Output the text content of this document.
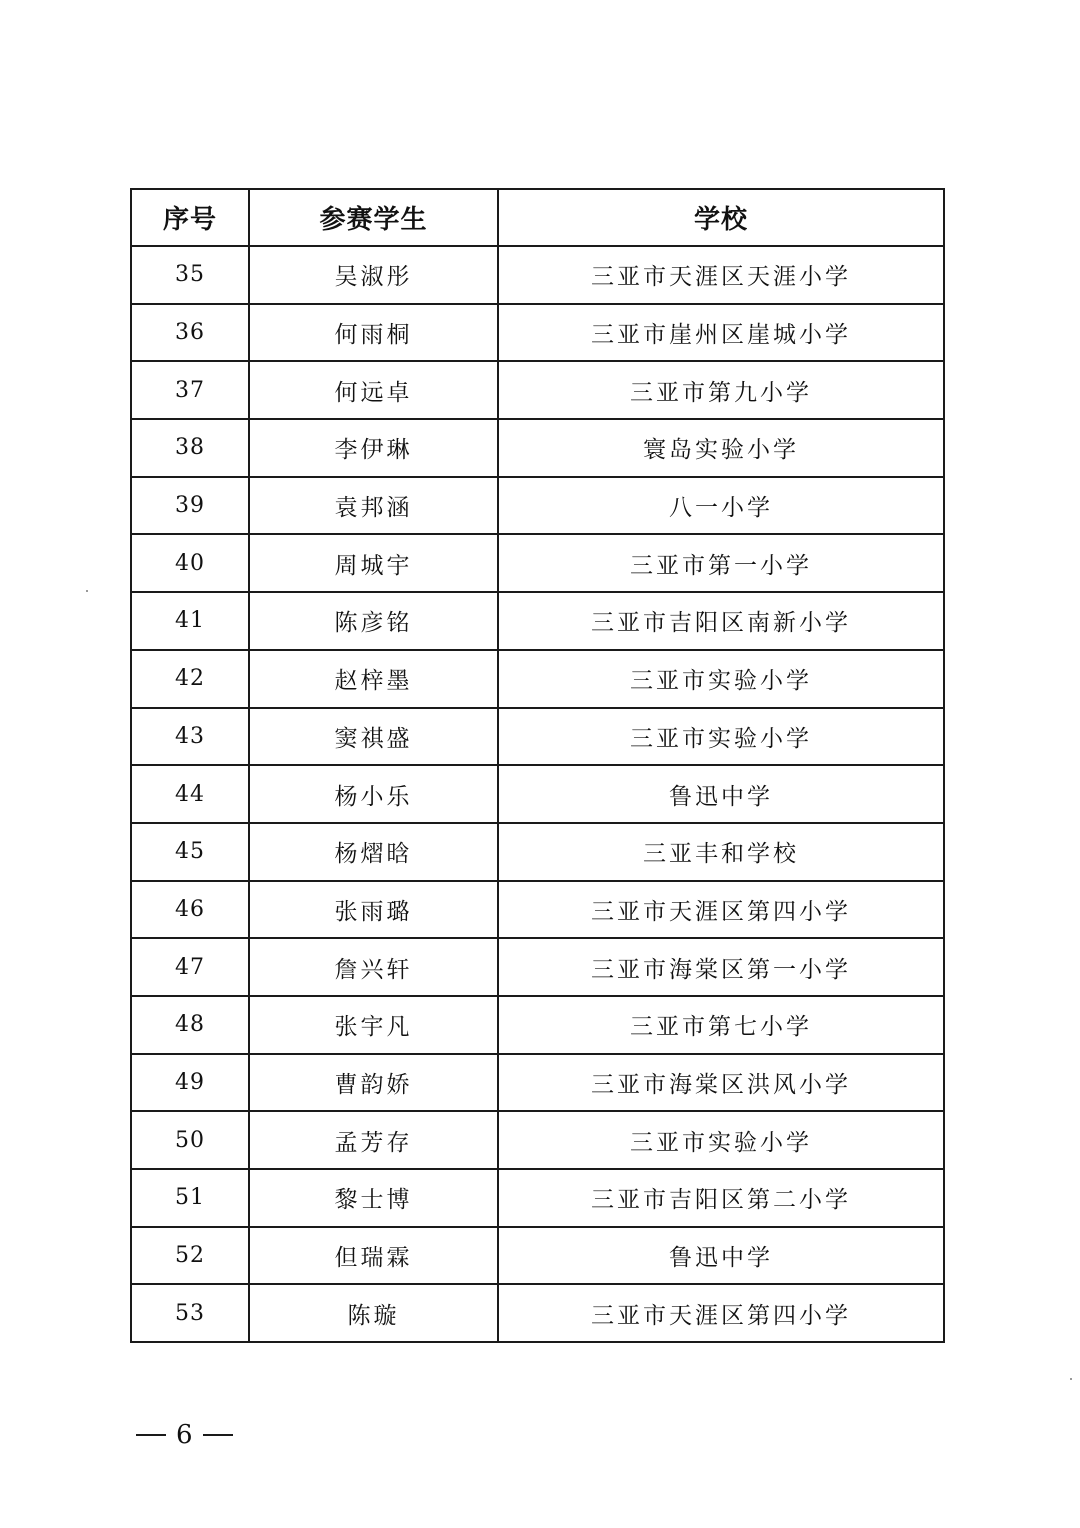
序号	参赛学生	学校
35	吴淑彤	三亚市天涯区天涯小学
36	何雨桐	三亚市崖州区崖城小学
37	何远卓	三亚市第九小学
38	李伊琳	寰岛实验小学
39	袁邦涵	八一小学
40	周城宇	三亚市第一小学
41	陈彦铭	三亚市吉阳区南新小学
42	赵梓墨	三亚市实验小学
43	窦祺盛	三亚市实验小学
44	杨小乐	鲁迅中学
45	杨熠晗	三亚丰和学校
46	张雨璐	三亚市天涯区第四小学
47	詹兴轩	三亚市海棠区第一小学
48	张宇凡	三亚市第七小学
49	曹韵娇	三亚市海棠区洪风小学
50	孟芳存	三亚市实验小学
51	黎士博	三亚市吉阳区第二小学
52	但瑞霖	鲁迅中学
53	陈璇	三亚市天涯区第四小学
6
